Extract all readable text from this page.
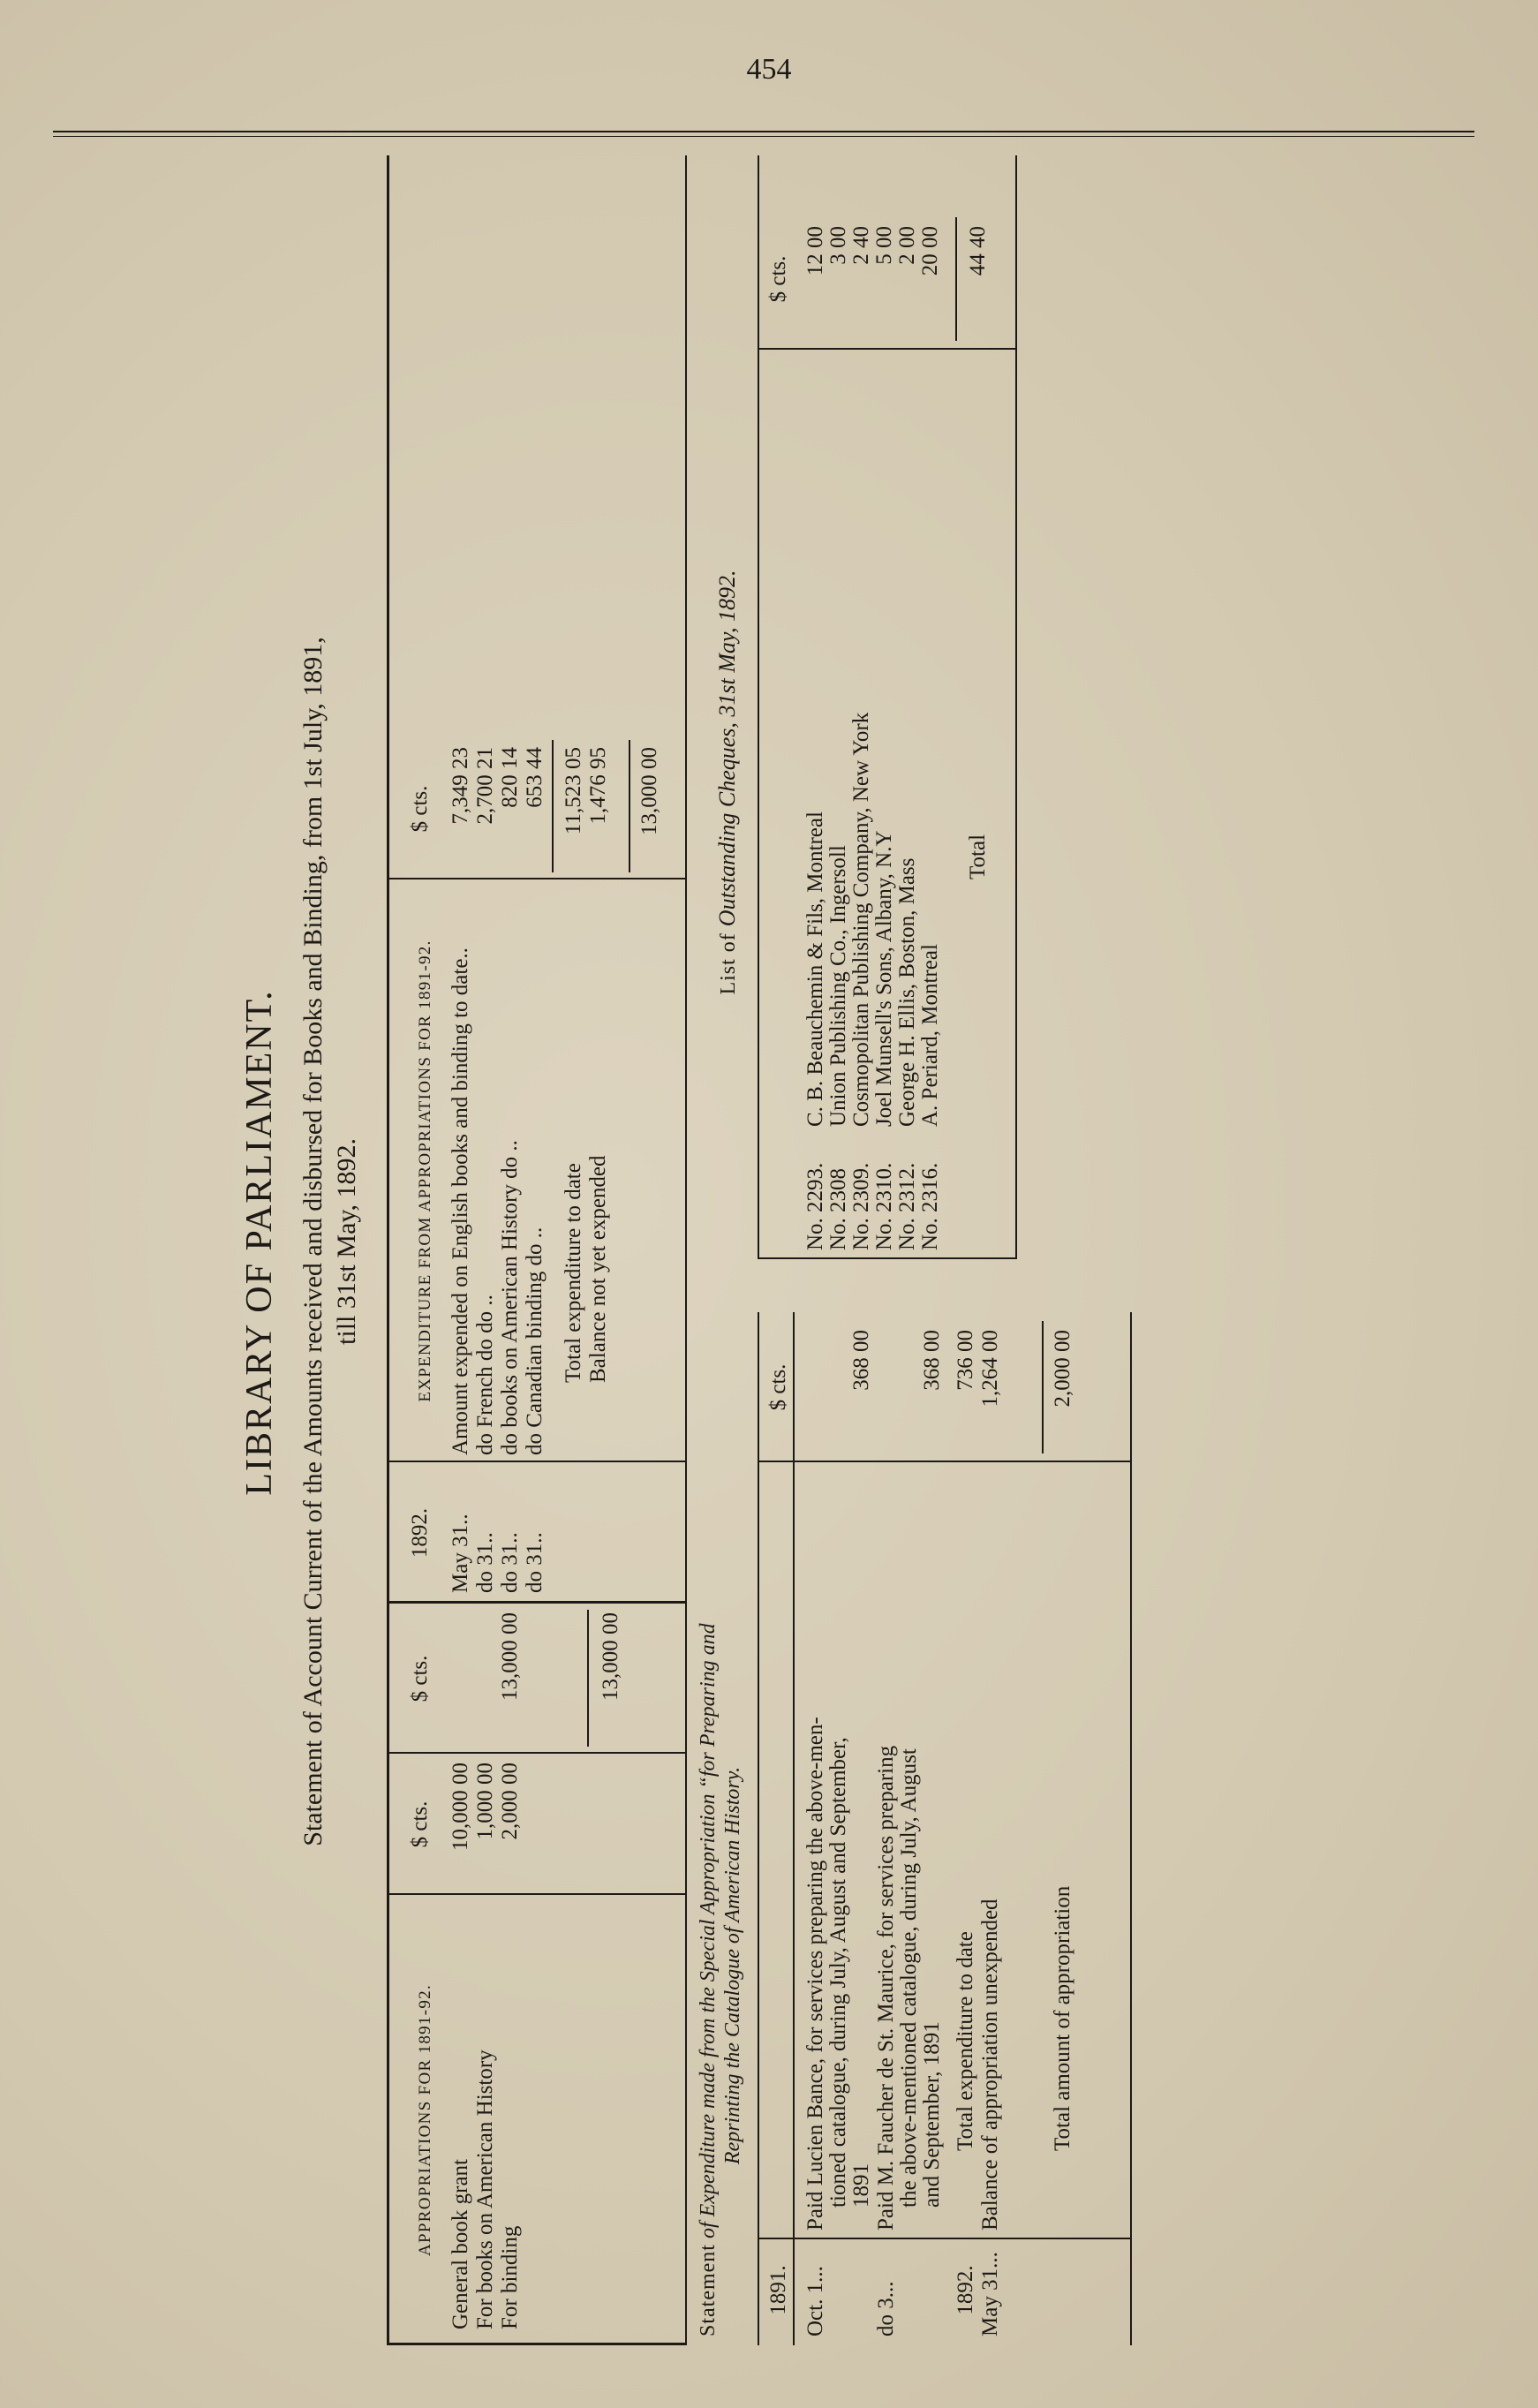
454
LIBRARY OF PARLIAMENT. Statement of Account Current of the Amounts received and disbursed for Books and Binding, from 1st July, 1891, till 31st May, 1892.
APPROPRIATIONS FOR 1891-92.
$ cts.
$ cts.
1892.
EXPENDITURE FROM APPROPRIATIONS FOR 1891-92.
$ cts.
General book grant For books on American History For binding
10,000 00 1,000 00 2,000 00
13,000 00	13,000 00
May 31.. do 31.. do 31.. do 31..
Amount expended on English books and binding to date.. do French do do .. do books on American History do .. do Canadian binding do ..
7,349 23 2,700 21 820 14 653 44
Total expenditure to date
11,523 05
Balance not yet expended
1,476 95 13,000 00
Statement of Expenditure made from the Special Appropriation “for Preparing and Reprinting the Catalogue of American History.
1891.
$ cts.
Oct. 1...
Paid Lucien Bance, for services preparing the above-men- tioned catalogue, during July, August and September, 1891
368 00
do 3...
Paid M. Faucher de St. Maurice, for services preparing the above-mentioned catalogue, during July, August and September, 1891
368 00
1892.
Total expenditure to date
736 00
May 31...
Balance of appropriation unexpended
1,264 00
Total amount of appropriation
2,000 00
List of Outstanding Cheques, 31st May, 1892.
$ cts.
No. 2293. No. 2308 No. 2309. No. 2310. No. 2312. No. 2316.
C. B. Beauchemin & Fils, Montreal Union Publishing Co., Ingersoll Cosmopolitan Publishing Company, New York Joel Munsell's Sons, Albany, N.Y George H. Ellis, Boston, Mass A. Periard, Montreal
12 00 3 00 2 40 5 00 2 00 20 00
Total
44 40
